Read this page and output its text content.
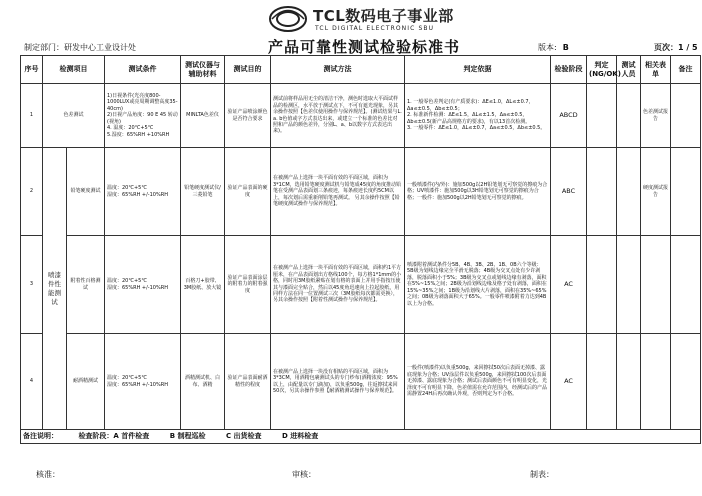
TCL数码电子事业部
TCL DIGITAL ELECTRONIC SBU
制定部门：研发中心工业设计处	产品可靠性测试检验标准书	版本: B	页次：1 / 5
序号	检测项目		测试条件	测试仪器与辅助材料	测试目的	测试方法	判定依据	检验阶段	判定(NG/OK)	测试人员	相关表单	备注
1	色差测试		1)日视条件(光亮度800-1000LUX或亮周期调整高度35-40cm)
2)日视产品角度：90 E 45 转动(视角)
4. 温度：20℃+5℃
5.湿度：65%RH +10%RH	MINLTA色差仪	验证产品喷涂颜色是否符合要求	测试前将样品用无尘的清洁干净，测色时选取大平面试样品的检测区，水平放于测试点下，不可有遮光现象，另其余操作按照【色差仪使用操作与保养规范】。(测试结果与L. a. b色值或字方式表达出来，或建立一个标准的色差比对照和产品的颜色差异，分别L、a、b以数字方式表达出来)。	1. 一般零色差判定(有产质要求)：ΔE≤1.0，ΔL≤±0.7，Δa≤±0.5，Δb≤±0.5；
2. 标准新件检测：ΔE≤1.5，ΔL≤±1.5，Δa≤±0.5，Δb≤±0.5(新产品高规格方的要求)，有以13首次检测。
3. 一般零件：ΔE≤1.0，ΔL≤±0.7，Δa≤±0.5，Δb≤±0.5。	ABCD			色差测试报告	
2	喷漆件性能测试	铅笔硬度测试	温度：20℃+5℃
湿度：65%RH +/-10%RH	铅笔硬度测试仪/三菱铅笔	验证产品表面的硬度	在被测产品上选择一块平面有效的平面区域，面积为3*1CM，选用铅笔硬度测试机与铅笔成45度的角度推动铅笔在受测产品表面划三条痕迹，每条痕迹长度约5CM以上，每次划后需重新削铅笔再测试。 另其余操作按照【铅笔硬度测试操作与保养规范】。	一般喷漆件(内/外)：施加500g以2H铅笔划无可察觉的擦痕为合格；UV喷漆件：施加500g以3H铅笔划无可察觉的擦痕为合格；一般件：施加500g以2H铅笔划无可察觉的擦痕。	ABC			硬度测试报告	
3		附着性百格测试	温度：20℃+5℃
湿度：65%RH +/-10%RH	百格刀+胶带、3M胶纸、放大镜	验证产品表面涂层的附着力的附着强度	在被测产品上选择一块平面有效的平面区域，面积约1平方厘米，在产品表面划出方格线100个，每方格1*1mm的小格，同时用3M胶纸紧贴在划有格的表面上并用手指按压使其与漆面完全贴合，然后以45度角迅速向上拉起胶纸，用同样方法在同一位置测试三次（3M胶纸每次都需更换），另其余操作按照【附着性测试操作与保养规范】。	喷漆附着测试条件分5B、4B、3B、2B、1B、0B六个等级：5B级为划线边缘完全平滑无脱落；4B级为交叉点处有少许剥落，脱落面积小于5%；3B级为交叉点或划线边缘有剥落，面积在5%~15%之间；2B级为沿划线边缘及格子处有剥落，面积在15%~35%之间；1B级为沿划线大片剥落，面积在35%~65%之间；0B级为剥落面积大于65%。一般零件喷漆附着力达到4B以上为合格。	AC				
4		耐酒精测试	温度：20℃+5℃
湿度：65%RH +/-10%RH	酒精测试机、白布、酒精	验证产品表面耐酒精性的程度	在被测产品上选择一块没有相贴的平面区域，面积为3*3CM，用酒精包裹测试头的专门纱布(酒精浓度：95%以上，由配量以专门滴加)，以负重500g，往返擦拭来回50次，另其余操作参照【耐酒精测试操作与保养规范】。	一般件(喷漆件)以负重500g，来回擦拭50次后表面无掉漆、露底现象为合格；UV涂层件以负重500g，来回擦拭100次后表面无掉漆、露底现象为合格；测试后表面颜色不可有明显变化，光泽度不可有明显下降，色差值需在允许范围内，经测试后的产品需静置24H后再次确认外观，否则判定为不合格。	AC				
备注说明： 检查阶段：A 首件检查 B 制程巡检 C 出货检查 D 进料检查												
核准：	审核：	制表：
